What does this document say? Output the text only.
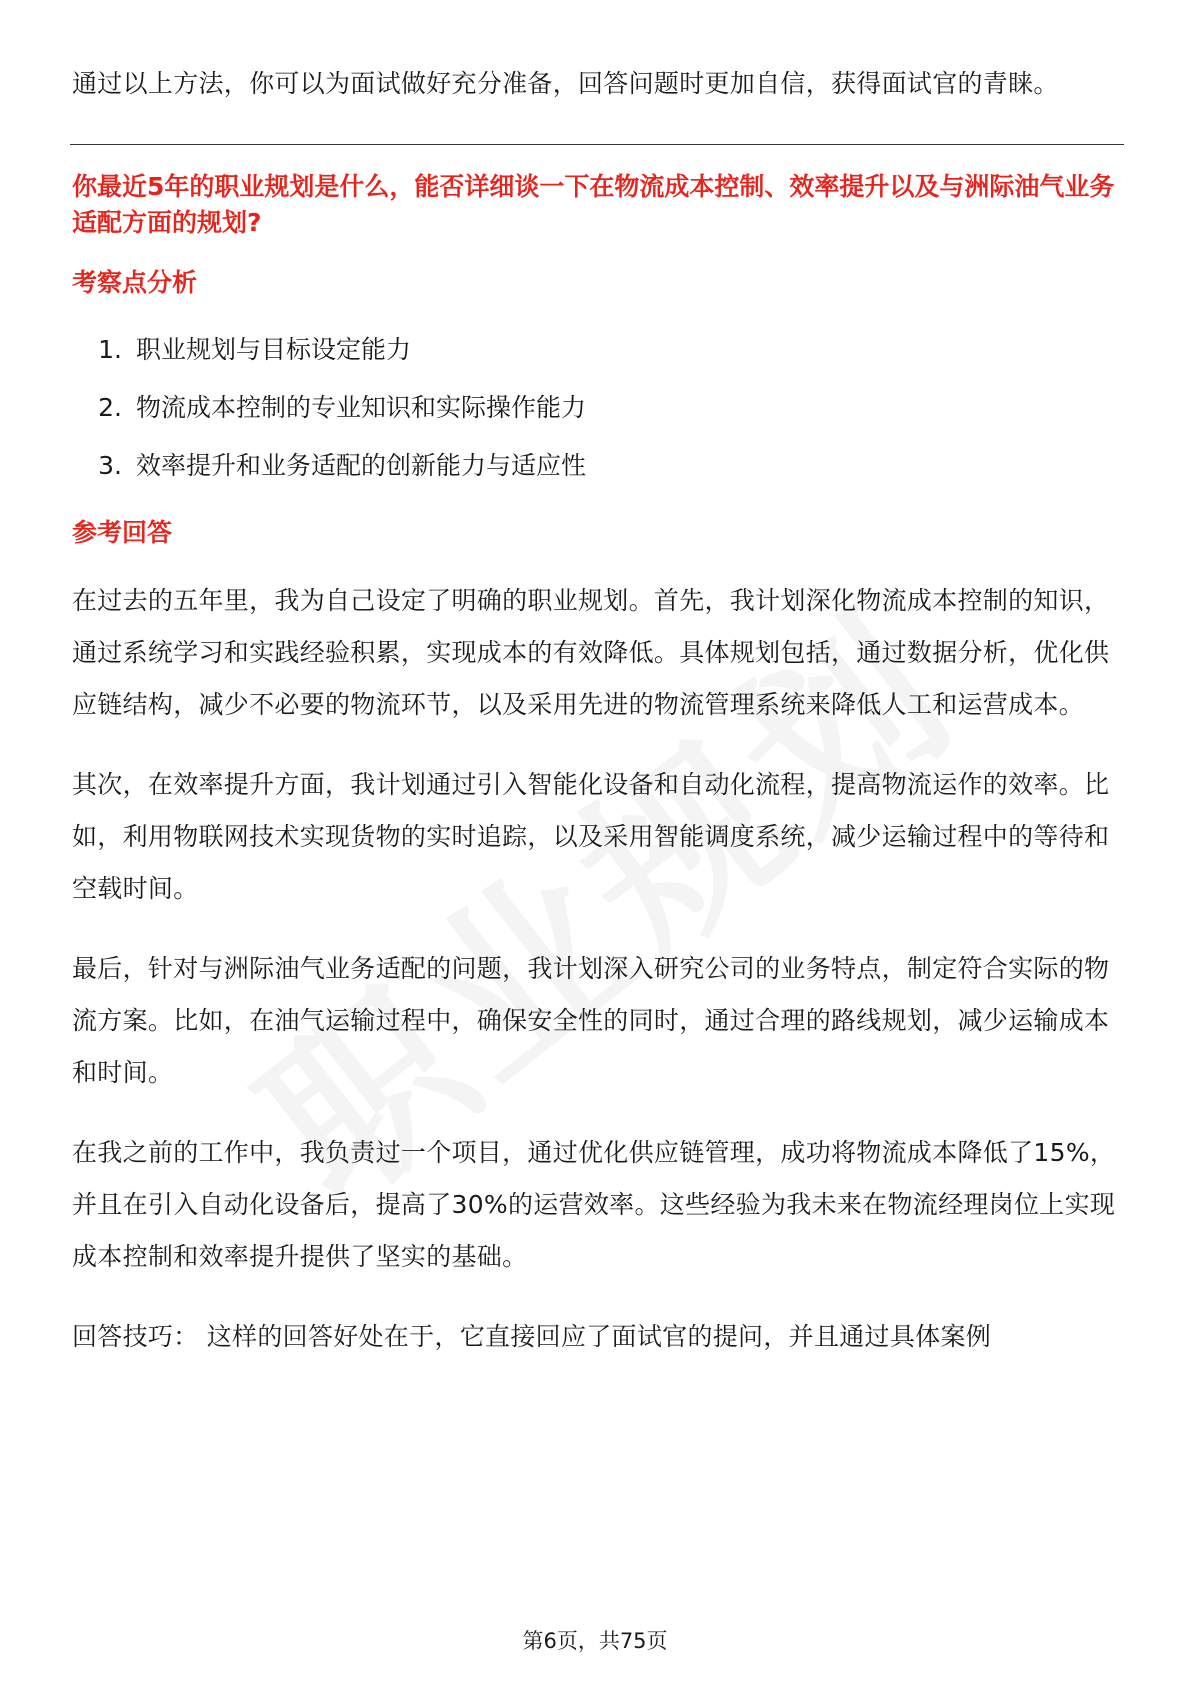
通过以上方法，你可以为面试做好充分准备，回答问题时更加自信，获得面试官的青睐。

你最近5年的职业规划是什么，能否详细谈一下在物流成本控制、效率提升以及与洲际油气业务适配方面的规划?

考察点分析

1. 职业规划与目标设定能力
2. 物流成本控制的专业知识和实际操作能力
3. 效率提升和业务适配的创新能力与适应性

参考回答

在过去的五年里，我为自己设定了明确的职业规划。首先，我计划深化物流成本控制的知识，通过系统学习和实践经验积累，实现成本的有效降低。具体规划包括，通过数据分析，优化供应链结构，减少不必要的物流环节，以及采用先进的物流管理系统来降低人工和运营成本。

其次，在效率提升方面，我计划通过引入智能化设备和自动化流程，提高物流运作的效率。比如，利用物联网技术实现货物的实时追踪，以及采用智能调度系统，减少运输过程中的等待和空载时间。

最后，针对与洲际油气业务适配的问题，我计划深入研究公司的业务特点，制定符合实际的物流方案。比如，在油气运输过程中，确保安全性的同时，通过合理的路线规划，减少运输成本和时间。

在我之前的工作中，我负责过一个项目，通过优化供应链管理，成功将物流成本降低了15%，并且在引入自动化设备后，提高了30%的运营效率。这些经验为我未来在物流经理岗位上实现成本控制和效率提升提供了坚实的基础。

回答技巧： 这样的回答好处在于，它直接回应了面试官的提问，并且通过具体案例

第6页，共75页
